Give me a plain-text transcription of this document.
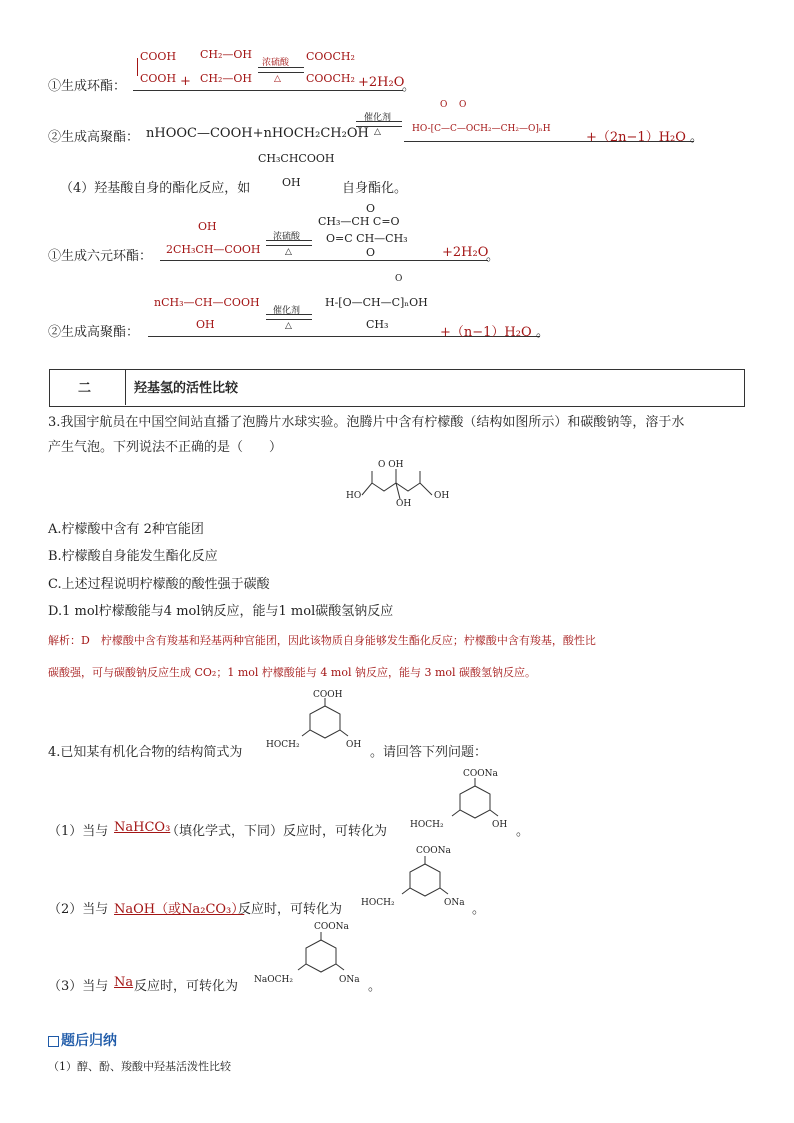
COOH
COOH +
CH₂—OH
CH₂—OH
浓硫酸
△
COOCH₂
COOCH₂
①生成环酯：	+2H₂O
。
②生成高聚酯： nHOOC—COOH+nHOCH₂CH₂OH
催化剂
△
O O
HO-[C—C—OCH₂—CH₂—O]ₙH
+（2n−1）H₂O 。
CH₃CHCOOH
（4）羟基酸自身的酯化反应，如	OH	自身酯化。
OH
2CH₃CH—COOH
浓硫酸
△
O
CH₃—CH C=O
O=C CH—CH₃
O
①生成六元环酯：	+2H₂O
。
nCH₃—CH—COOH
OH
催化剂
△
O
H-[O—CH—C]ₙOH
CH₃
②生成高聚酯：	+（n−1）H₂O 。
二	羟基氢的活性比较
3.我国宇航员在中国空间站直播了泡腾片水球实验。泡腾片中含有柠檬酸（结构如图所示）和碳酸钠等，溶于水
产生气泡。下列说法不正确的是（　　）
O OH
HO	OH
OH
A.柠檬酸中含有 2种官能团
B.柠檬酸自身能发生酯化反应
C.上述过程说明柠檬酸的酸性强于碳酸
D.1 mol柠檬酸能与4 mol钠反应，能与1 mol碳酸氢钠反应
解析：D　柠檬酸中含有羧基和羟基两种官能团，因此该物质自身能够发生酯化反应；柠檬酸中含有羧基，酸性比
碳酸强，可与碳酸钠反应生成 CO₂；1 mol 柠檬酸能与 4 mol 钠反应，能与 3 mol 碳酸氢钠反应。
COOH
4.已知某有机化合物的结构简式为	HOCH₂	OH 。请回答下列问题：
COONa
（1）当与 NaHCO₃
（填化学式，下同）反应时，可转化为	HOCH₂	OH 。
COONa
（2）当与 NaOH（或Na₂CO₃）
反应时，可转化为 HOCH₂	ONa 。
COONa
（3）当与 Na 反应时，可转化为 NaOCH₂	ONa 。
题后归纳
（1）醇、酚、羧酸中羟基活泼性比较
